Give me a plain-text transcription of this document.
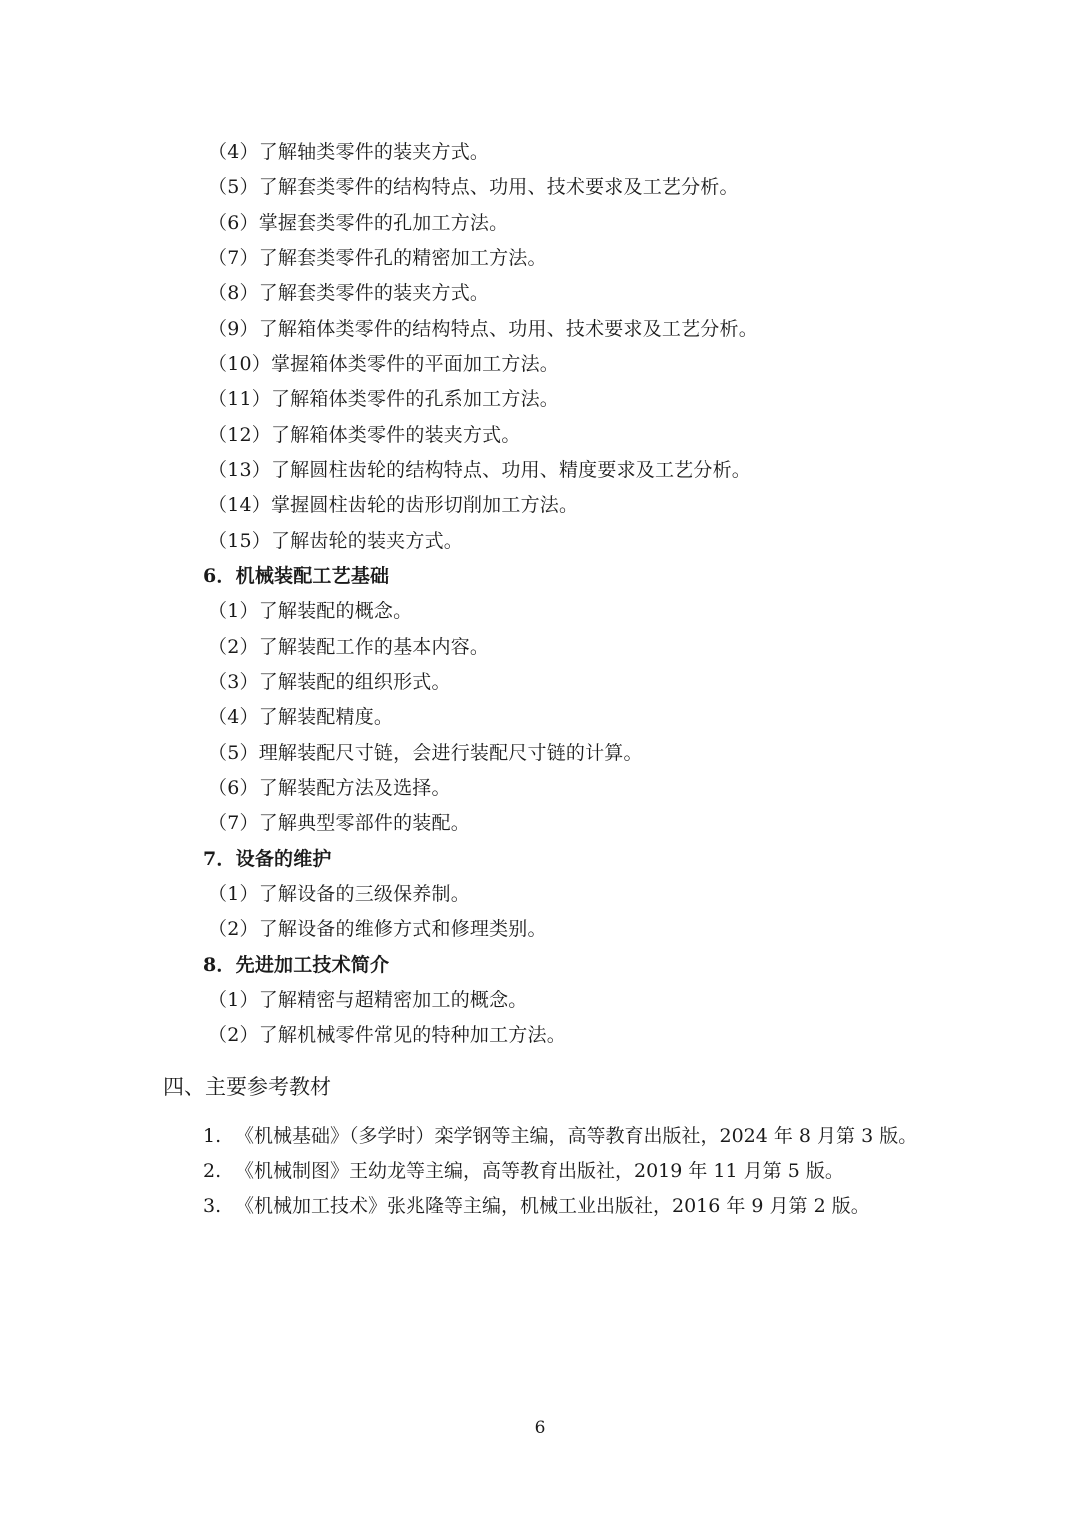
（4）了解轴类零件的装夹方式。
（5）了解套类零件的结构特点、功用、技术要求及工艺分析。
（6）掌握套类零件的孔加工方法。
（7）了解套类零件孔的精密加工方法。
（8）了解套类零件的装夹方式。
（9）了解箱体类零件的结构特点、功用、技术要求及工艺分析。
（10）掌握箱体类零件的平面加工方法。
（11）了解箱体类零件的孔系加工方法。
（12）了解箱体类零件的装夹方式。
（13）了解圆柱齿轮的结构特点、功用、精度要求及工艺分析。
（14）掌握圆柱齿轮的齿形切削加工方法。
（15）了解齿轮的装夹方式。
6．机械装配工艺基础
（1）了解装配的概念。
（2）了解装配工作的基本内容。
（3）了解装配的组织形式。
（4）了解装配精度。
（5）理解装配尺寸链，会进行装配尺寸链的计算。
（6）了解装配方法及选择。
（7）了解典型零部件的装配。
7．设备的维护
（1）了解设备的三级保养制。
（2）了解设备的维修方式和修理类别。
8．先进加工技术简介
（1）了解精密与超精密加工的概念。
（2）了解机械零件常见的特种加工方法。
四、主要参考教材
1. 《机械基础》（多学时）栾学钢等主编，高等教育出版社，2024 年 8 月第 3 版。
2. 《机械制图》王幼龙等主编，高等教育出版社，2019 年 11 月第 5 版。
3. 《机械加工技术》张兆隆等主编，机械工业出版社，2016 年 9 月第 2 版。
6
